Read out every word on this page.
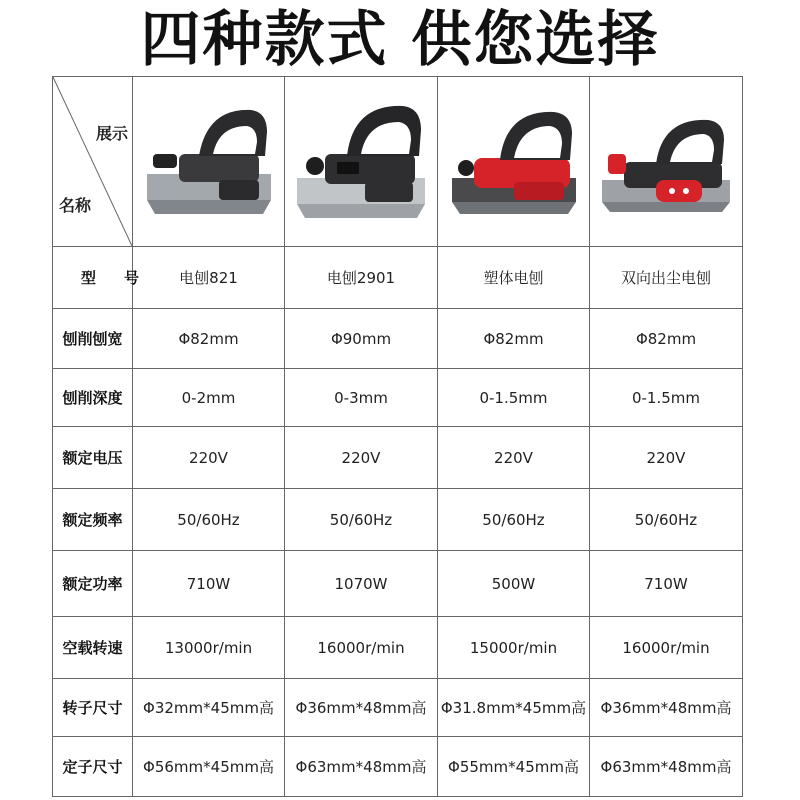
四种款式 供您选择
展示
名称

型号	电刨821	电刨2901	塑体电刨	双向出尘电刨
刨削刨宽	Φ82mm	Φ90mm	Φ82mm	Φ82mm
刨削深度	0-2mm	0-3mm	0-1.5mm	0-1.5mm
额定电压	220V	220V	220V	220V
额定频率	50/60Hz	50/60Hz	50/60Hz	50/60Hz
额定功率	710W	1070W	500W	710W
空载转速	13000r/min	16000r/min	15000r/min	16000r/min
转子尺寸	Φ32mm*45mm高	Φ36mm*48mm高	Φ31.8mm*45mm高	Φ36mm*48mm高
定子尺寸	Φ56mm*45mm高	Φ63mm*48mm高	Φ55mm*45mm高	Φ63mm*48mm高
